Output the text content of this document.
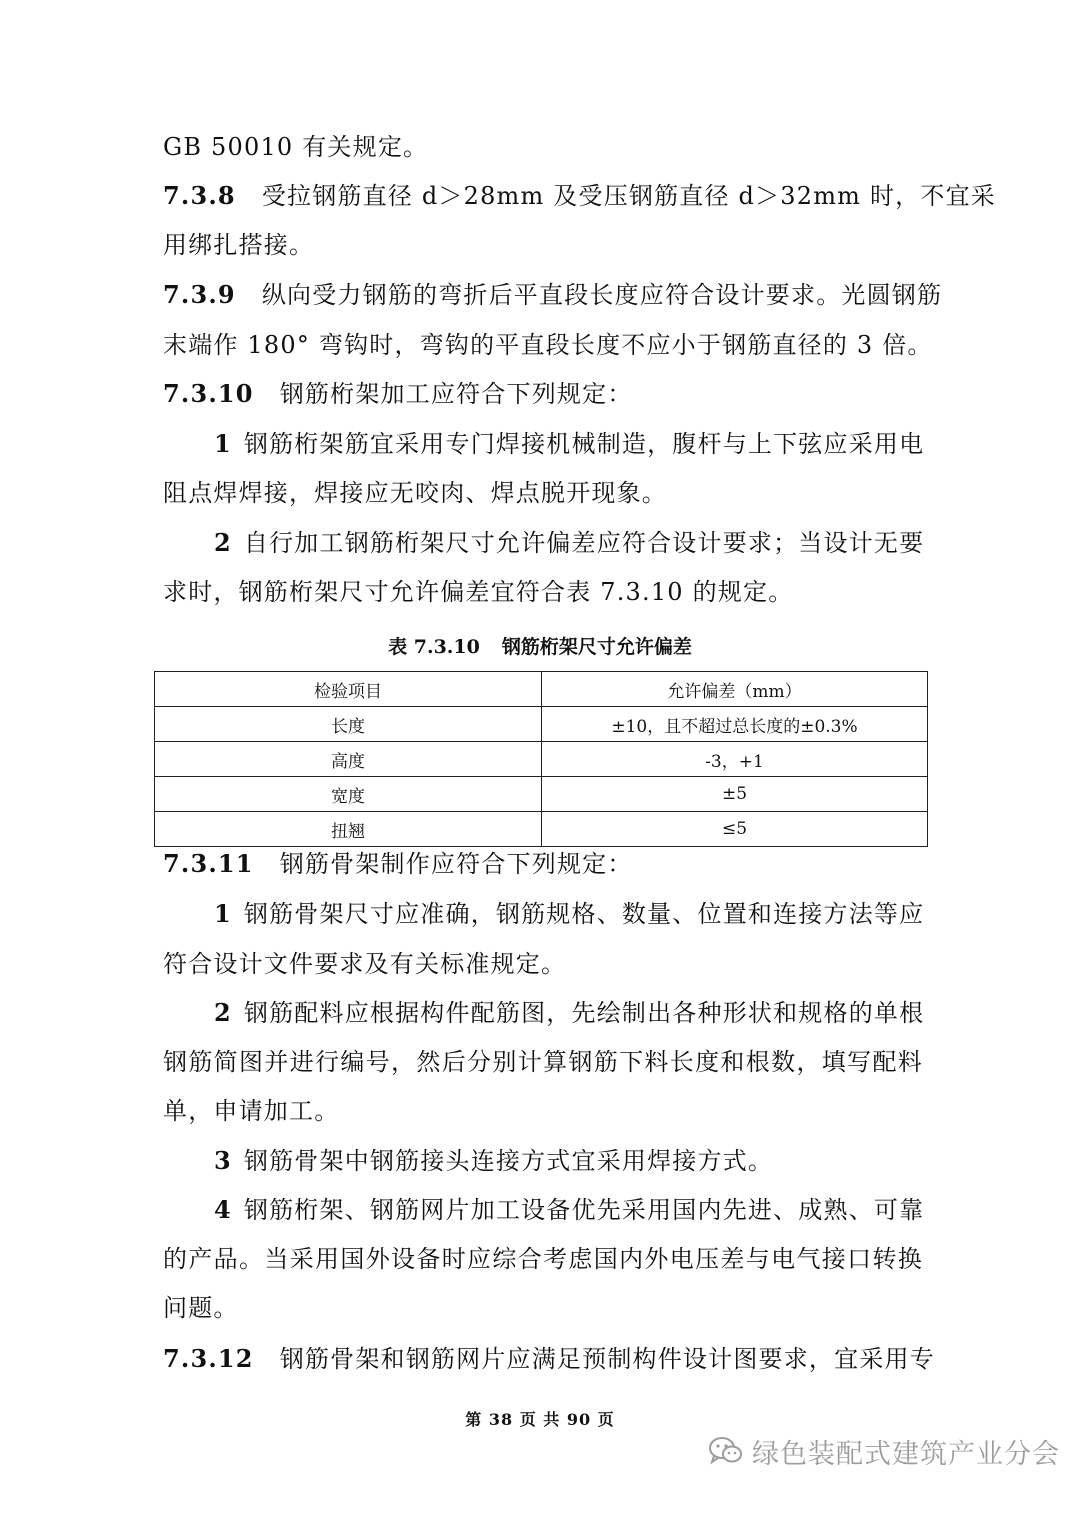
GB 50010 有关规定。
7.3.8 受拉钢筋直径 d＞28mm 及受压钢筋直径 d＞32mm 时，不宜采
用绑扎搭接。
7.3.9 纵向受力钢筋的弯折后平直段长度应符合设计要求。光圆钢筋
末端作 180° 弯钩时，弯钩的平直段长度不应小于钢筋直径的 3 倍。
7.3.10 钢筋桁架加工应符合下列规定：
1 钢筋桁架筋宜采用专门焊接机械制造，腹杆与上下弦应采用电
阻点焊焊接，焊接应无咬肉、焊点脱开现象。
2 自行加工钢筋桁架尺寸允许偏差应符合设计要求；当设计无要
求时，钢筋桁架尺寸允许偏差宜符合表 7.3.10 的规定。
表 7.3.10 钢筋桁架尺寸允许偏差
检验项目	允许偏差（mm）
长度	±10，且不超过总长度的±0.3%
高度	-3，+1
宽度	±5
扭翘	≤5
7.3.11 钢筋骨架制作应符合下列规定：
1 钢筋骨架尺寸应准确，钢筋规格、数量、位置和连接方法等应
符合设计文件要求及有关标准规定。
2 钢筋配料应根据构件配筋图，先绘制出各种形状和规格的单根
钢筋简图并进行编号，然后分别计算钢筋下料长度和根数，填写配料
单，申请加工。
3 钢筋骨架中钢筋接头连接方式宜采用焊接方式。
4 钢筋桁架、钢筋网片加工设备优先采用国内先进、成熟、可靠
的产品。当采用国外设备时应综合考虑国内外电压差与电气接口转换
问题。
7.3.12 钢筋骨架和钢筋网片应满足预制构件设计图要求，宜采用专
第 38 页 共 90 页
绿色装配式建筑产业分会
